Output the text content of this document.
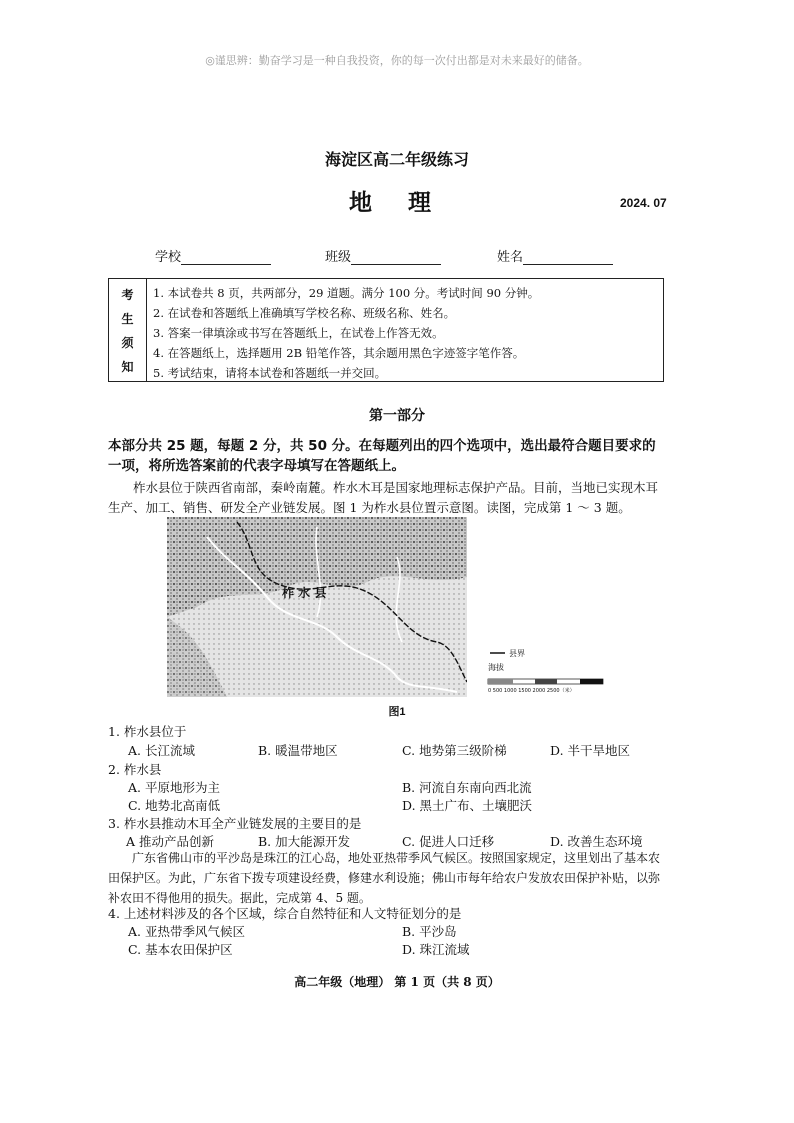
◎谨思辨：勤奋学习是一种自我投资，你的每一次付出都是对未来最好的储备。
海淀区高二年级练习
地 理	2024. 07
学校	班级	姓名
考
生
须
知
1. 本试卷共 8 页，共两部分，29 道题。满分 100 分。考试时间 90 分钟。
2. 在试卷和答题纸上准确填写学校名称、班级名称、姓名。
3. 答案一律填涂或书写在答题纸上，在试卷上作答无效。
4. 在答题纸上，选择题用 2B 铅笔作答，其余题用黑色字迹签字笔作答。
5. 考试结束，请将本试卷和答题纸一并交回。
第一部分
本部分共 25 题，每题 2 分，共 50 分。在每题列出的四个选项中，选出最符合题目要求的一项，将所选答案前的代表字母填写在答题纸上。
柞水县位于陕西省南部，秦岭南麓。柞水木耳是国家地理标志保护产品。目前，当地已实现木耳生产、加工、销售、研发全产业链发展。图 1 为柞水县位置示意图。读图，完成第 1 ～ 3 题。
柞 水 县
县界
海拔
0 500 1000 1500 2000 2500（米）
图1
1. 柞水县位于
A. 长江流域	B. 暖温带地区	C. 地势第三级阶梯	D. 半干旱地区
2. 柞水县
A. 平原地形为主	B. 河流自东南向西北流
C. 地势北高南低	D. 黑土广布、土壤肥沃
3. 柞水县推动木耳全产业链发展的主要目的是
A 推动产品创新	B. 加大能源开发	C. 促进人口迁移	D. 改善生态环境
广东省佛山市的平沙岛是珠江的江心岛，地处亚热带季风气候区。按照国家规定，这里划出了基本农田保护区。为此，广东省下拨专项建设经费，修建水利设施；佛山市每年给农户发放农田保护补贴，以弥补农田不得他用的损失。据此，完成第 4、5 题。
4. 上述材料涉及的各个区域，综合自然特征和人文特征划分的是
A. 亚热带季风气候区	B. 平沙岛
C. 基本农田保护区	D. 珠江流域
高二年级（地理） 第 1 页（共 8 页）
